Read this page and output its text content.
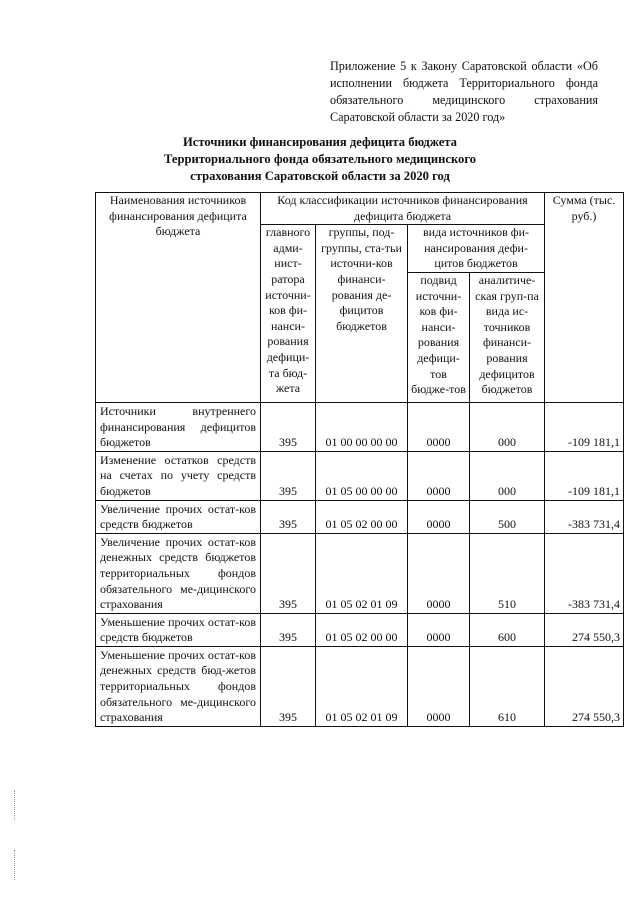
Приложение 5 к Закону Саратовской области «Об исполнении бюджета Территориального фонда обязательного медицинского страхования Саратовской области за 2020 год»
Источники финансирования дефицита бюджета
Территориального фонда обязательного медицинского
страхования Саратовской области за 2020 год
Наименования источников финансирования дефицита бюджета	Код классификации источников финансирования дефицита бюджета				Сумма (тыс. руб.)
	главного адми-нист-ратора источни-ков фи-нанси-рования дефици-та бюд-жета	группы, под-группы, ста-тьи источни-ков финанси-рования де-фицитов бюджетов	вида источников фи-нансирования дефи-цитов бюджетов		
			подвид источни-ков фи-нанси-рования дефици-тов бюдже-тов	аналитиче-ская груп-па вида ис-точников финанси-рования дефицитов бюджетов	
Источники внутреннего финансирования дефицитов бюджетов	395	01 00 00 00 00	0000	000	-109 181,1
Изменение остатков средств на счетах по учету средств бюджетов	395	01 05 00 00 00	0000	000	-109 181,1
Увеличение прочих остат-ков средств бюджетов	395	01 05 02 00 00	0000	500	-383 731,4
Увеличение прочих остат-ков денежных средств бюджетов территориальных фондов обязательного ме-дицинского страхования	395	01 05 02 01 09	0000	510	-383 731,4
Уменьшение прочих остат-ков средств бюджетов	395	01 05 02 00 00	0000	600	274 550,3
Уменьшение прочих остат-ков денежных средств бюд-жетов территориальных фондов обязательного ме-дицинского страхования	395	01 05 02 01 09	0000	610	274 550,3
